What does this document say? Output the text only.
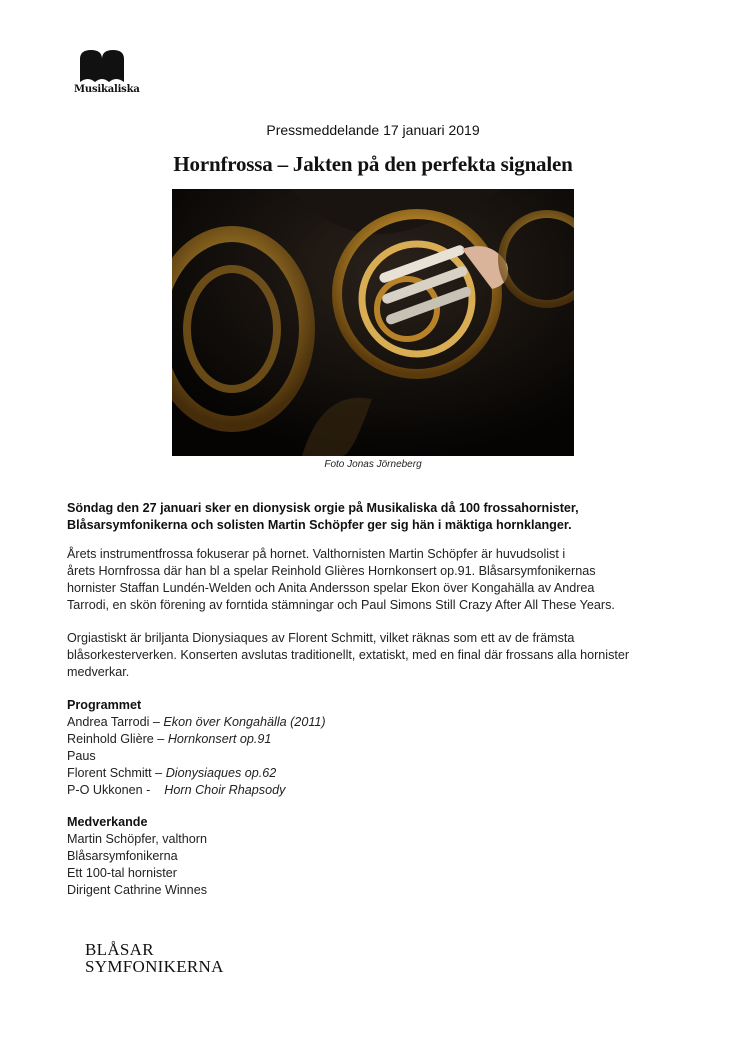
Musikaliska
Pressmeddelande 17 januari 2019
Hornfrossa – Jakten på den perfekta signalen
Foto Jonas Jörneberg
Söndag den 27 januari sker en dionysisk orgie på Musikaliska då 100 frossahornister,
Blåsarsymfonikerna och solisten Martin Schöpfer ger sig hän i mäktiga hornklanger.
Årets instrumentfrossa fokuserar på hornet. Valthornisten Martin Schöpfer är huvudsolist i
årets Hornfrossa där han bl a spelar Reinhold Glières Hornkonsert op.91. Blåsarsymfonikernas
hornister Staffan Lundén-Welden och Anita Andersson spelar Ekon över Kongahälla av Andrea
Tarrodi, en skön förening av forntida stämningar och Paul Simons Still Crazy After All These Years.
Orgiastiskt är briljanta Dionysiaques av Florent Schmitt, vilket räknas som ett av de främsta
blåsorkesterverken. Konserten avslutas traditionellt, extatiskt, med en final där frossans alla hornister
medverkar.
Programmet
Andrea Tarrodi – Ekon över Kongahälla (2011)
Reinhold Glière – Hornkonsert op.91
Paus
Florent Schmitt – Dionysiaques op.62
P-O Ukkonen -    Horn Choir Rhapsody
Medverkande
Martin Schöpfer, valthorn
Blåsarsymfonikerna
Ett 100-tal hornister
Dirigent Cathrine Winnes
BLÅSAR
SYMFONIKERNA
